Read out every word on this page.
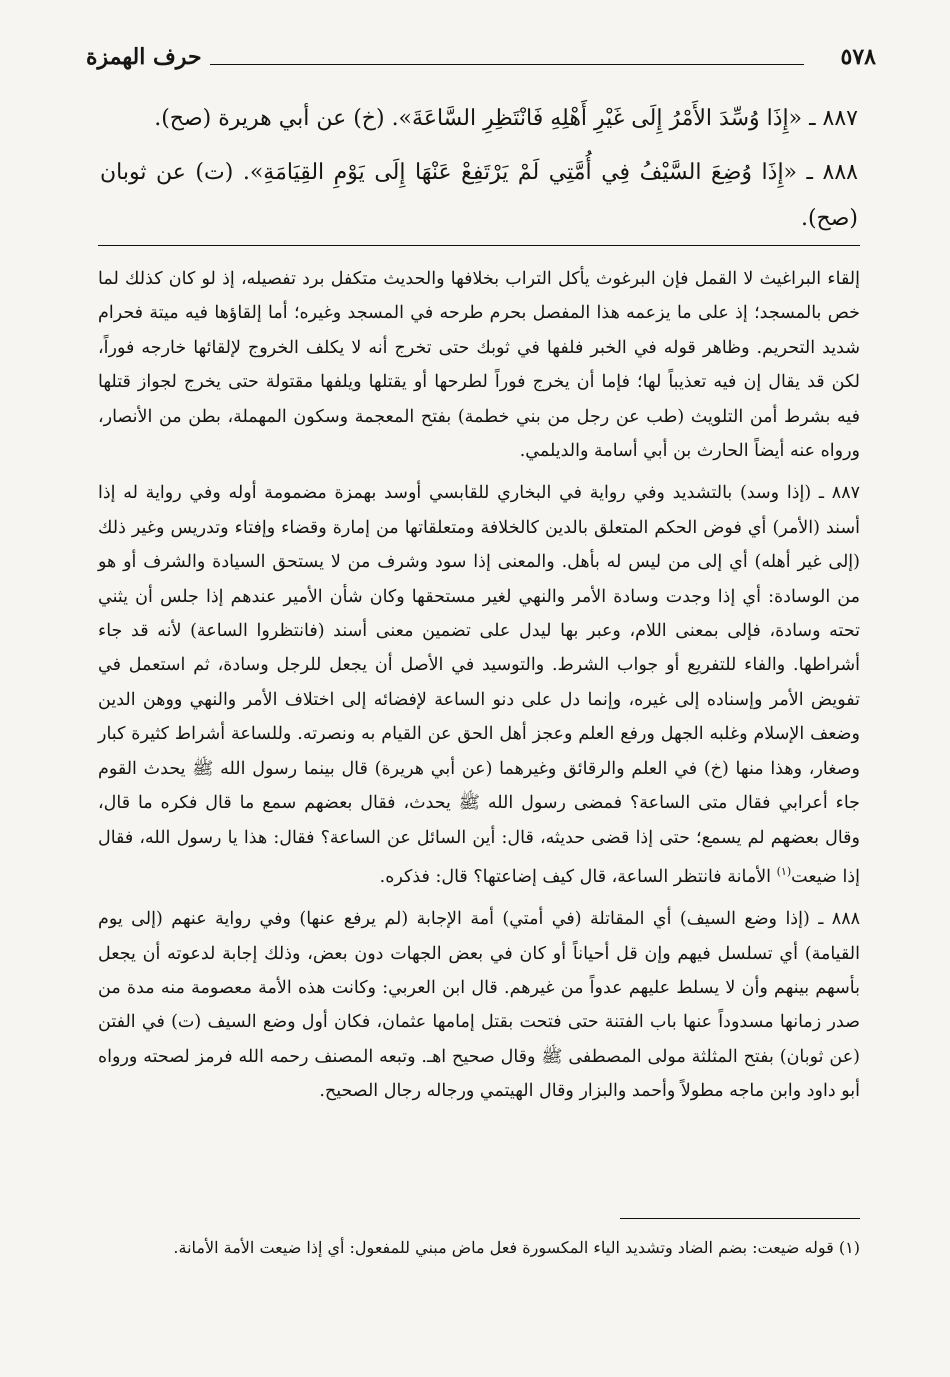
٥٧٨
حرف الهمزة
٨٨٧ ـ «إِذَا وُسِّدَ الأَمْرُ إِلَى غَيْرِ أَهْلِهِ فَانْتَظِرِ السَّاعَةَ». (خ) عن أبي هريرة (صح).
٨٨٨ ـ «إِذَا وُضِعَ السَّيْفُ فِي أُمَّتِي لَمْ يَرْتَفِعْ عَنْهَا إِلَى يَوْمِ القِيَامَةِ». (ت) عن ثوبان (صح).

إلقاء البراغيث لا القمل فإن البرغوث يأكل التراب بخلافها والحديث متكفل برد تفصيله، إذ لو كان كذلك لما خص بالمسجد؛ إذ على ما يزعمه هذا المفصل بحرم طرحه في المسجد وغيره؛ أما إلقاؤها فيه ميتة فحرام شديد التحريم. وظاهر قوله في الخبر فلفها في ثوبك حتى تخرج أنه لا يكلف الخروج لإلقائها خارجه فوراً، لكن قد يقال إن فيه تعذيباً لها؛ فإما أن يخرج فوراً لطرحها أو يقتلها ويلفها مقتولة حتى يخرج لجواز قتلها فيه بشرط أمن التلويث (طب عن رجل من بني خطمة) بفتح المعجمة وسكون المهملة، بطن من الأنصار، ورواه عنه أيضاً الحارث بن أبي أسامة والديلمي.

٨٨٧ ـ (إذا وسد) بالتشديد وفي رواية في البخاري للقابسي أوسد بهمزة مضمومة أوله وفي رواية له إذا أسند (الأمر) أي فوض الحكم المتعلق بالدين كالخلافة ومتعلقاتها من إمارة وقضاء وإفتاء وتدريس وغير ذلك (إلى غير أهله) أي إلى من ليس له بأهل. والمعنى إذا سود وشرف من لا يستحق السيادة والشرف أو هو من الوسادة: أي إذا وجدت وسادة الأمر والنهي لغير مستحقها وكان شأن الأمير عندهم إذا جلس أن يثني تحته وسادة، فإلى بمعنى اللام، وعبر بها ليدل على تضمين معنى أسند (فانتظروا الساعة) لأنه قد جاء أشراطها. والفاء للتفريع أو جواب الشرط. والتوسيد في الأصل أن يجعل للرجل وسادة، ثم استعمل في تفويض الأمر وإسناده إلى غيره، وإنما دل على دنو الساعة لإفضائه إلى اختلاف الأمر والنهي ووهن الدين وضعف الإسلام وغلبه الجهل ورفع العلم وعجز أهل الحق عن القيام به ونصرته. وللساعة أشراط كثيرة كبار وصغار، وهذا منها (خ) في العلم والرقائق وغيرهما (عن أبي هريرة) قال بينما رسول الله ﷺ يحدث القوم جاء أعرابي فقال متى الساعة؟ فمضى رسول الله ﷺ يحدث، فقال بعضهم سمع ما قال فكره ما قال، وقال بعضهم لم يسمع؛ حتى إذا قضى حديثه، قال: أين السائل عن الساعة؟ فقال: هذا يا رسول الله، فقال إذا ضيعت$^{(١)}$ الأمانة فانتظر الساعة، قال كيف إضاعتها؟ قال: فذكره.

٨٨٨ ـ (إذا وضع السيف) أي المقاتلة (في أمتي) أمة الإجابة (لم يرفع عنها) وفي رواية عنهم (إلى يوم القيامة) أي تسلسل فيهم وإن قل أحياناً أو كان في بعض الجهات دون بعض، وذلك إجابة لدعوته أن يجعل بأسهم بينهم وأن لا يسلط عليهم عدواً من غيرهم. قال ابن العربي: وكانت هذه الأمة معصومة منه مدة من صدر زمانها مسدوداً عنها باب الفتنة حتى فتحت بقتل إمامها عثمان، فكان أول وضع السيف (ت) في الفتن (عن ثوبان) بفتح المثلثة مولى المصطفى ﷺ وقال صحيح اهـ. وتبعه المصنف رحمه الله فرمز لصحته ورواه أبو داود وابن ماجه مطولاً وأحمد والبزار وقال الهيتمي ورجاله رجال الصحيح.

(١) قوله ضيعت: بضم الضاد وتشديد الياء المكسورة فعل ماض مبني للمفعول: أي إذا ضيعت الأمة الأمانة.
